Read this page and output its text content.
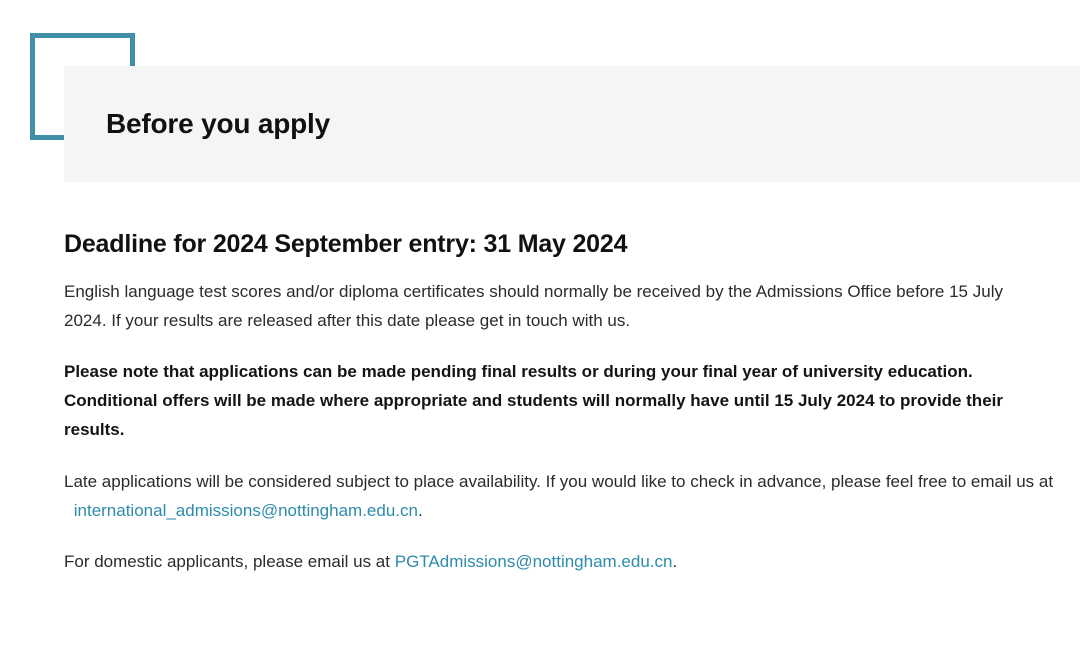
Before you apply
Deadline for 2024 September entry: 31 May 2024

English language test scores and/or diploma certificates should normally be received by the Admissions Office before 15 July 2024. If your results are released after this date please get in touch with us.

Please note that applications can be made pending final results or during your final year of university education. Conditional offers will be made where appropriate and students will normally have until 15 July 2024 to provide their results.

Late applications will be considered subject to place availability. If you would like to check in advance, please feel free to email us at international_admissions@nottingham.edu.cn.

For domestic applicants, please email us at PGTAdmissions@nottingham.edu.cn.
